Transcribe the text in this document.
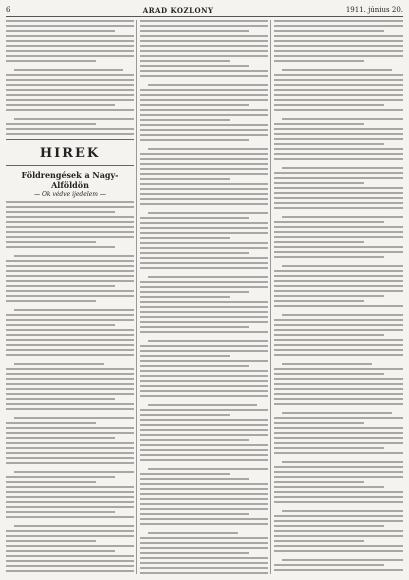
6	ARAD KOZLONY	1911. június 20.
HIREK
Földrengések a Nagy-Alföldön
— Ok védve ijedelem —
